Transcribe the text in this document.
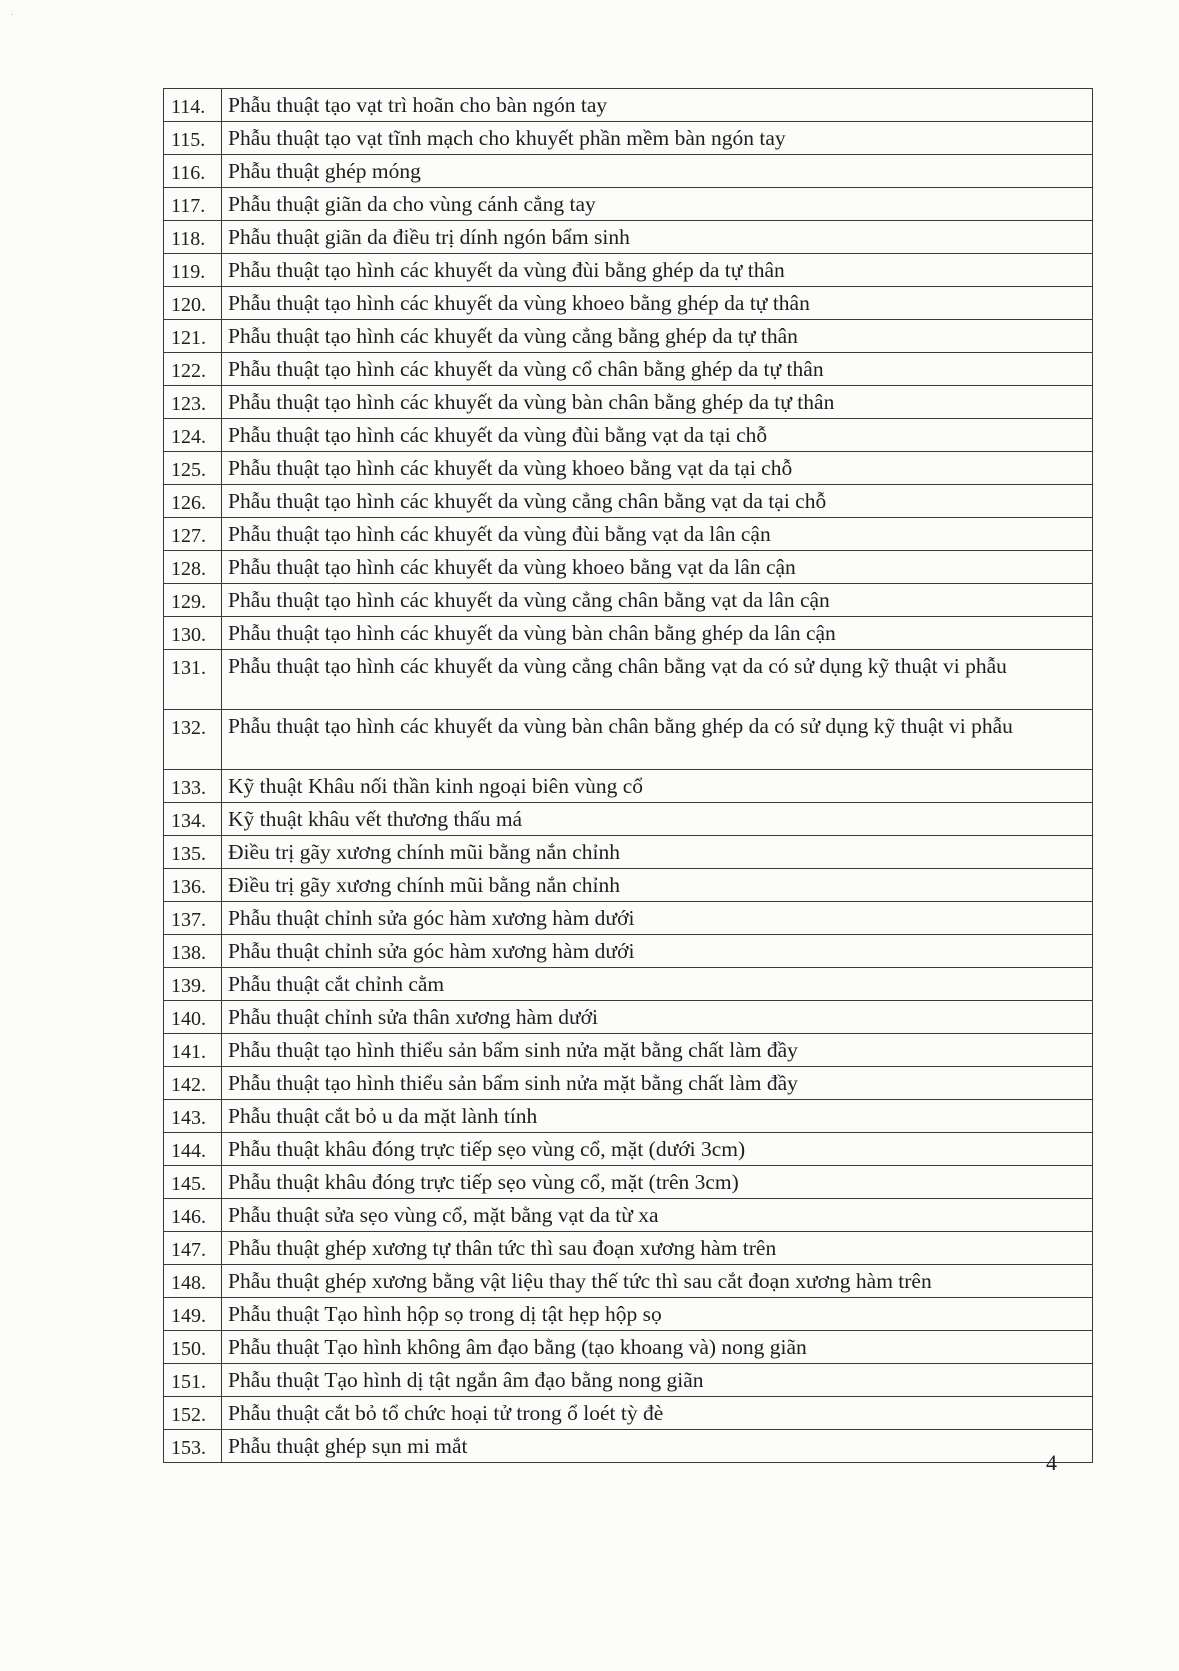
·
114.	Phẫu thuật tạo vạt trì hoãn cho bàn ngón tay
115.	Phẫu thuật tạo vạt tĩnh mạch cho khuyết phần mềm bàn ngón tay
116.	Phẫu thuật ghép móng
117.	Phẫu thuật giãn da cho vùng cánh cẳng tay
118.	Phẫu thuật giãn da điều trị dính ngón bẩm sinh
119.	Phẫu thuật tạo hình các khuyết da vùng đùi bằng ghép da tự thân
120.	Phẫu thuật tạo hình các khuyết da vùng khoeo bằng ghép da tự thân
121.	Phẫu thuật tạo hình các khuyết da vùng cẳng bằng ghép da tự thân
122.	Phẫu thuật tạo hình các khuyết da vùng cổ chân bằng ghép da tự thân
123.	Phẫu thuật tạo hình các khuyết da vùng bàn chân bằng ghép da tự thân
124.	Phẫu thuật tạo hình các khuyết da vùng đùi bằng vạt da tại chỗ
125.	Phẫu thuật tạo hình các khuyết da vùng khoeo bằng vạt da tại chỗ
126.	Phẫu thuật tạo hình các khuyết da vùng cẳng chân bằng vạt da tại chỗ
127.	Phẫu thuật tạo hình các khuyết da vùng đùi bằng vạt da lân cận
128.	Phẫu thuật tạo hình các khuyết da vùng khoeo bằng vạt da lân cận
129.	Phẫu thuật tạo hình các khuyết da vùng cẳng chân bằng vạt da lân cận
130.	Phẫu thuật tạo hình các khuyết da vùng bàn chân bằng ghép da lân cận
131.	Phẫu thuật tạo hình các khuyết da vùng cẳng chân bằng vạt da có sử dụng kỹ thuật vi phẫu
132.	Phẫu thuật tạo hình các khuyết da vùng bàn chân bằng ghép da có sử dụng kỹ thuật vi phẫu
133.	Kỹ thuật Khâu nối thần kinh ngoại biên vùng cổ
134.	Kỹ thuật khâu vết thương thấu má
135.	Điều trị gãy xương chính mũi bằng nắn chỉnh
136.	Điều trị gãy xương chính mũi bằng nắn chỉnh
137.	Phẫu thuật chỉnh sửa góc hàm xương hàm dưới
138.	Phẫu thuật chỉnh sửa góc hàm xương hàm dưới
139.	Phẫu thuật cắt chỉnh cằm
140.	Phẫu thuật chỉnh sửa thân xương hàm dưới
141.	Phẫu thuật tạo hình thiểu sản bẩm sinh nửa mặt bằng chất làm đầy
142.	Phẫu thuật tạo hình thiểu sản bẩm sinh nửa mặt bằng chất làm đầy
143.	Phẫu thuật cắt bỏ u da mặt lành tính
144.	Phẫu thuật khâu đóng trực tiếp sẹo vùng cổ, mặt (dưới 3cm)
145.	Phẫu thuật khâu đóng trực tiếp sẹo vùng cổ, mặt (trên 3cm)
146.	Phẫu thuật sửa sẹo vùng cổ, mặt bằng vạt da từ xa
147.	Phẫu thuật ghép xương tự thân tức thì sau đoạn xương hàm trên
148.	Phẫu thuật ghép xương bằng vật liệu thay thế tức thì sau cắt đoạn xương hàm trên
149.	Phẫu thuật Tạo hình hộp sọ trong dị tật hẹp hộp sọ
150.	Phẫu thuật Tạo hình không âm đạo bằng (tạo khoang và) nong giãn
151.	Phẫu thuật Tạo hình dị tật ngắn âm đạo bằng nong giãn
152.	Phẫu thuật cắt bỏ tổ chức hoại tử trong ổ loét tỳ đè
153.	Phẫu thuật ghép sụn mi mắt
4
